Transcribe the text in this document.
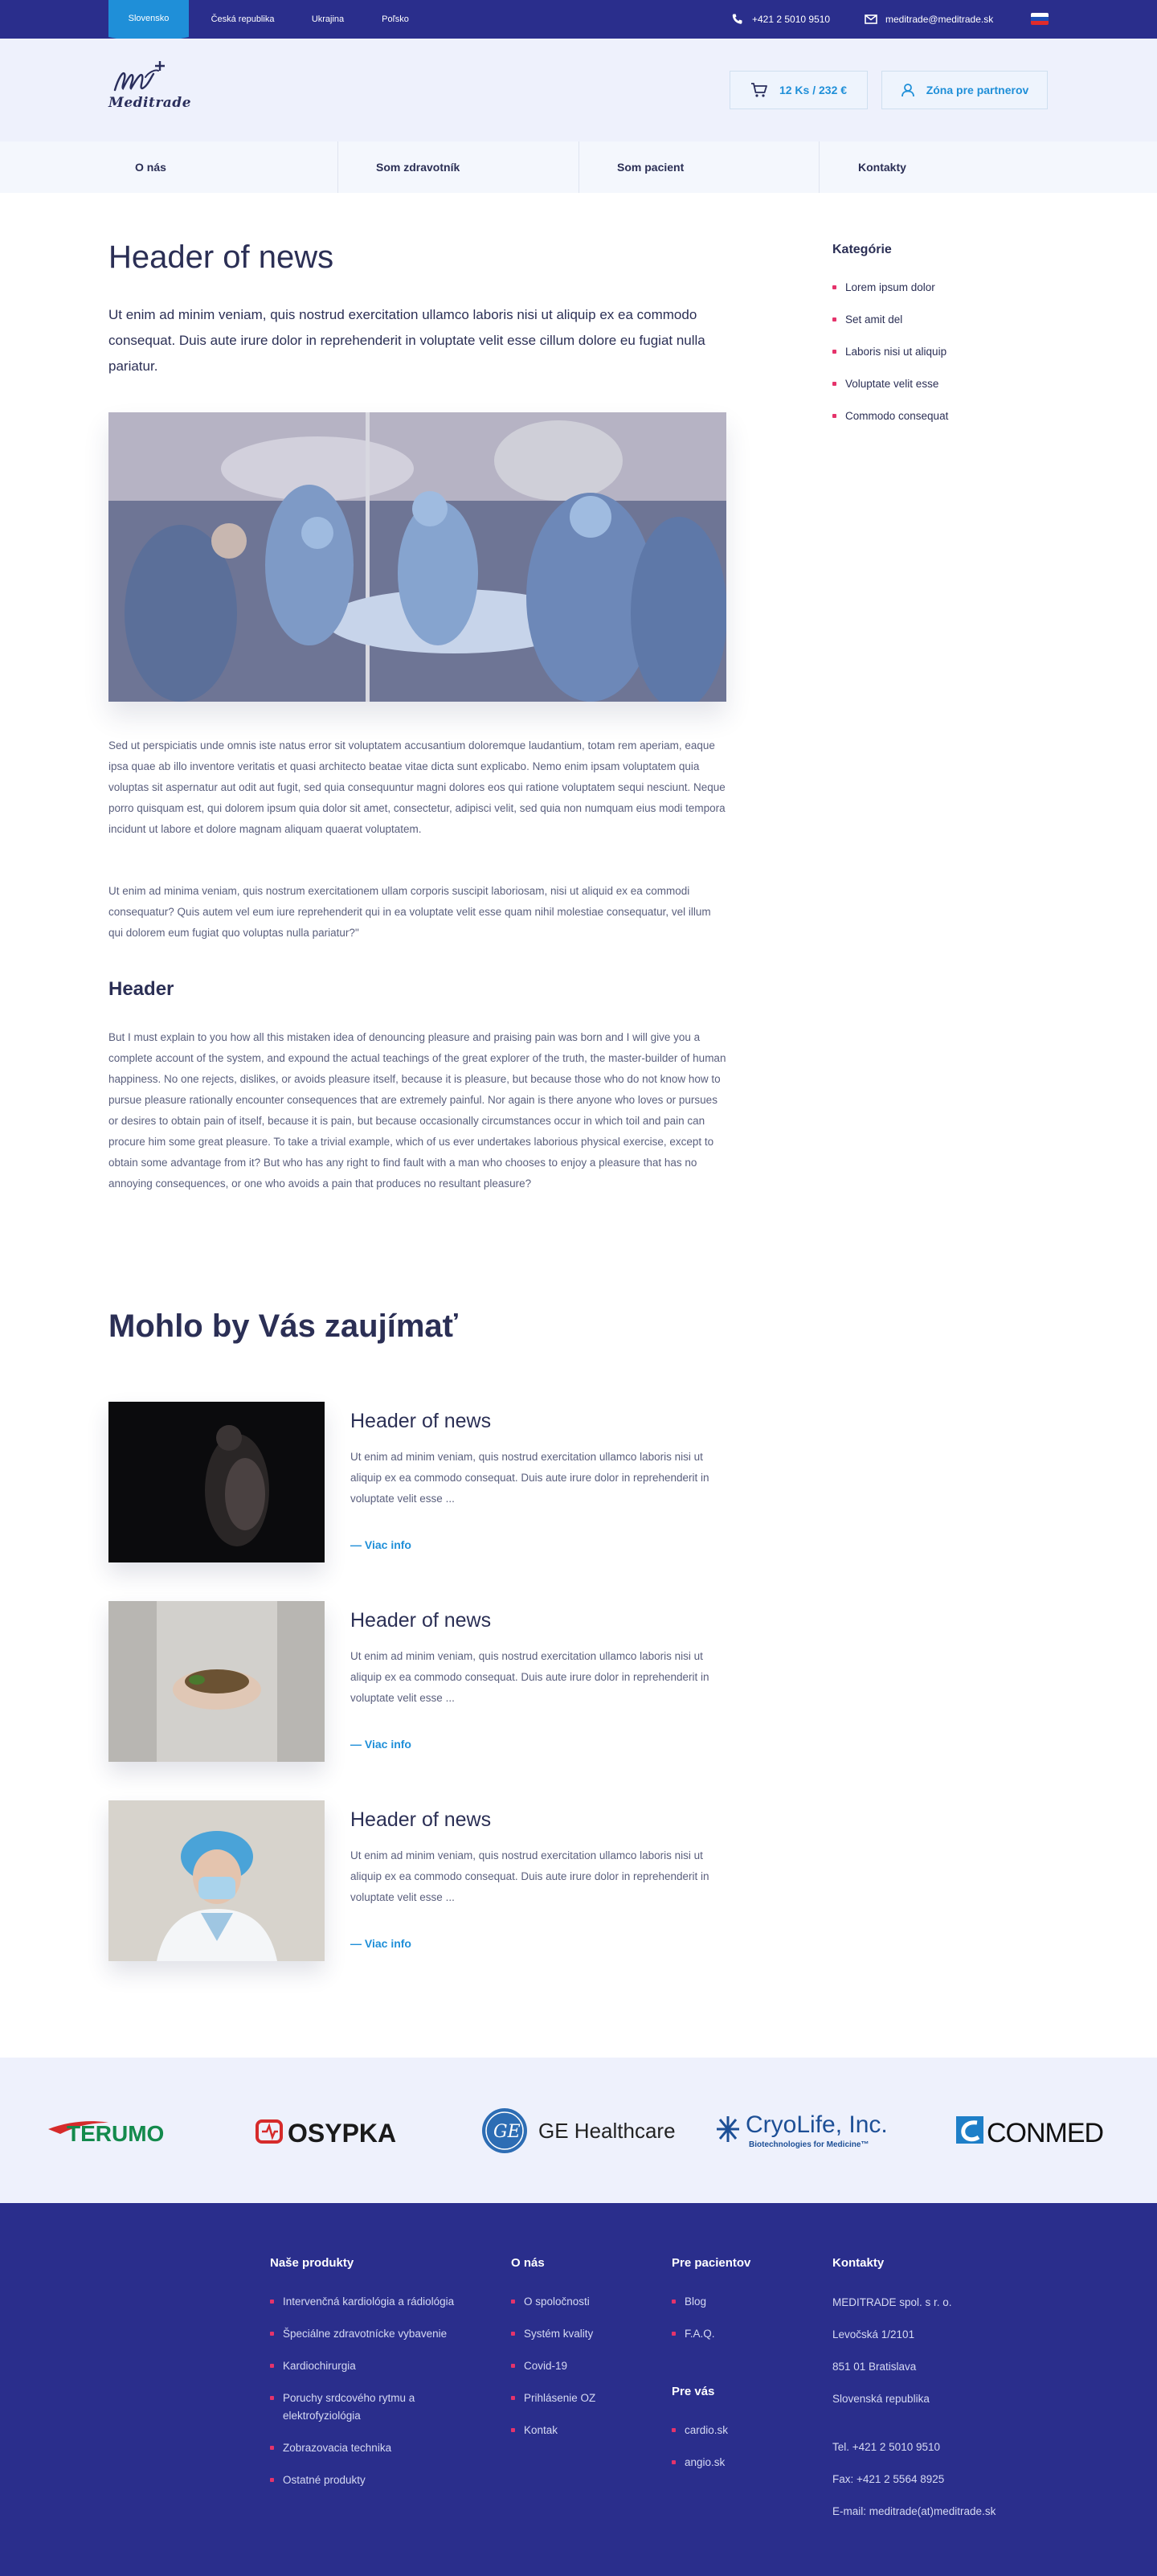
Slovensko	Česká republika	Ukrajina	Poľsko	+421 2 5010 9510	meditrade@meditrade.sk
Meditrade
12 Ks / 232 €	Zóna pre partnerov
O nás	Som zdravotník	Som pacient	Kontakty
Header of news

Ut enim ad minim veniam, quis nostrud exercitation ullamco laboris nisi ut aliquip ex ea commodo consequat. Duis aute irure dolor in reprehenderit in voluptate velit esse cillum dolore eu fugiat nulla pariatur.

Sed ut perspiciatis unde omnis iste natus error sit voluptatem accusantium doloremque laudantium, totam rem aperiam, eaque ipsa quae ab illo inventore veritatis et quasi architecto beatae vitae dicta sunt explicabo. Nemo enim ipsam voluptatem quia voluptas sit aspernatur aut odit aut fugit, sed quia consequuntur magni dolores eos qui ratione voluptatem sequi nesciunt. Neque porro quisquam est, qui dolorem ipsum quia dolor sit amet, consectetur, adipisci velit, sed quia non numquam eius modi tempora incidunt ut labore et dolore magnam aliquam quaerat voluptatem.

Ut enim ad minima veniam, quis nostrum exercitationem ullam corporis suscipit laboriosam, nisi ut aliquid ex ea commodi consequatur? Quis autem vel eum iure reprehenderit qui in ea voluptate velit esse quam nihil molestiae consequatur, vel illum qui dolorem eum fugiat quo voluptas nulla pariatur?"

Header

But I must explain to you how all this mistaken idea of denouncing pleasure and praising pain was born and I will give you a complete account of the system, and expound the actual teachings of the great explorer of the truth, the master-builder of human happiness. No one rejects, dislikes, or avoids pleasure itself, because it is pleasure, but because those who do not know how to pursue pleasure rationally encounter consequences that are extremely painful. Nor again is there anyone who loves or pursues or desires to obtain pain of itself, because it is pain, but because occasionally circumstances occur in which toil and pain can procure him some great pleasure. To take a trivial example, which of us ever undertakes laborious physical exercise, except to obtain some advantage from it? But who has any right to find fault with a man who chooses to enjoy a pleasure that has no annoying consequences, or one who avoids a pain that produces no resultant pleasure?

Kategórie
Lorem ipsum dolor
Set amit del
Laboris nisi ut aliquip
Voluptate velit esse
Commodo consequat
Mohlo by Vás zaujímať
Header of news

Ut enim ad minim veniam, quis nostrud exercitation ullamco laboris nisi ut aliquip ex ea commodo consequat. Duis aute irure dolor in reprehenderit in voluptate velit esse ...

— Viac info
Header of news

Ut enim ad minim veniam, quis nostrud exercitation ullamco laboris nisi ut aliquip ex ea commodo consequat. Duis aute irure dolor in reprehenderit in voluptate velit esse ...

— Viac info
Header of news

Ut enim ad minim veniam, quis nostrud exercitation ullamco laboris nisi ut aliquip ex ea commodo consequat. Duis aute irure dolor in reprehenderit in voluptate velit esse ...

— Viac info
TERUMO	OSYPKA	GE GE Healthcare	CryoLife, Inc.
Biotechnologies for Medicine™	CONMED
Naše produkty
Intervenčná kardiológia a rádiológia
Špeciálne zdravotnícke vybavenie
Kardiochirurgia
Poruchy srdcového rytmu a elektrofyziológia
Zobrazovacia technika
Ostatné produkty
O nás
O spoločnosti
Systém kvality
Covid-19
Prihlásenie OZ
Kontak
Pre pacientov
Blog
F.A.Q.
Pre vás
cardio.sk
angio.sk
Kontakty
MEDITRADE spol. s r. o.
Levočská 1/2101
851 01 Bratislava
Slovenská republika
Tel. +421 2 5010 9510
Fax: +421 2 5564 8925
E-mail: meditrade(at)meditrade.sk
